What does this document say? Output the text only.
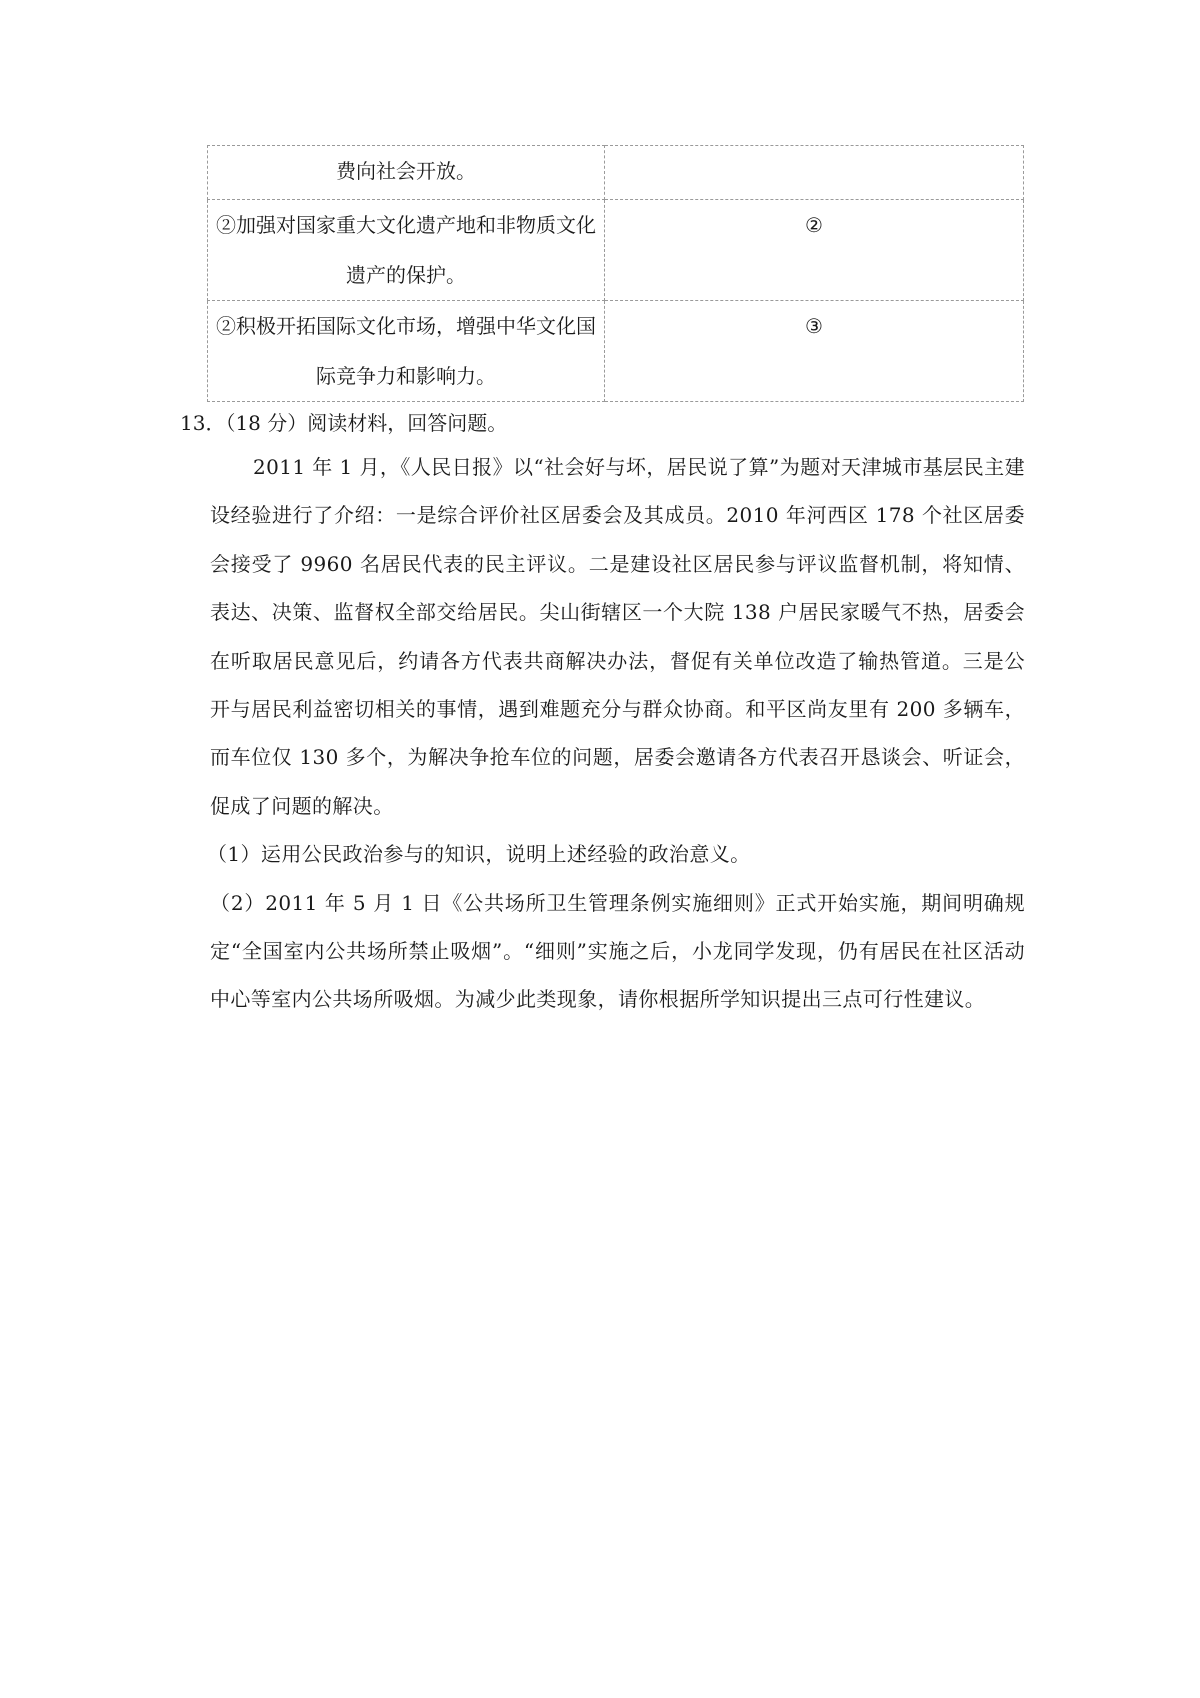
费向社会开放。	
②加强对国家重大文化遗产地和非物质文化遗产的保护。	②
②积极开拓国际文化市场，增强中华文化国际竞争力和影响力。	③
13．（18 分）阅读材料，回答问题。
2011 年 1 月，《人民日报》以“社会好与坏，居民说了算”为题对天津城市基层民主建设经验进行了介绍：一是综合评价社区居委会及其成员。2010 年河西区 178 个社区居委会接受了 9960 名居民代表的民主评议。二是建设社区居民参与评议监督机制，将知情、表达、决策、监督权全部交给居民。尖山街辖区一个大院 138 户居民家暖气不热，居委会在听取居民意见后，约请各方代表共商解决办法，督促有关单位改造了输热管道。三是公开与居民利益密切相关的事情，遇到难题充分与群众协商。和平区尚友里有 200 多辆车，而车位仅 130 多个，为解决争抢车位的问题，居委会邀请各方代表召开恳谈会、听证会，促成了问题的解决。
（1）运用公民政治参与的知识，说明上述经验的政治意义。
（2）2011 年 5 月 1 日《公共场所卫生管理条例实施细则》正式开始实施，期间明确规定“全国室内公共场所禁止吸烟”。“细则”实施之后，小龙同学发现，仍有居民在社区活动中心等室内公共场所吸烟。为减少此类现象，请你根据所学知识提出三点可行性建议。
